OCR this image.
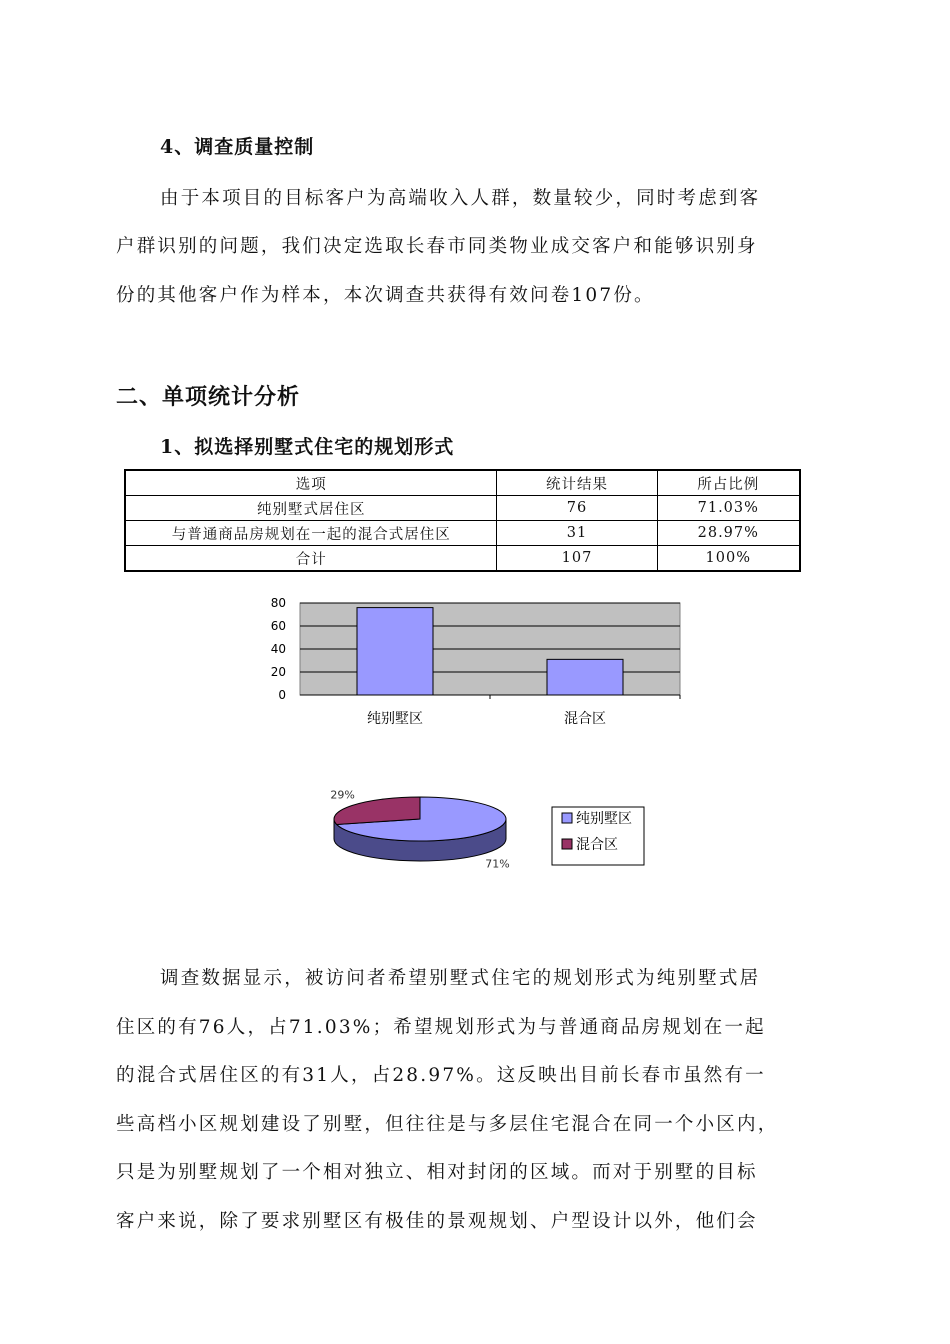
4、调查质量控制
由于本项目的目标客户为高端收入人群，数量较少，同时考虑到客
户群识别的问题，我们决定选取长春市同类物业成交客户和能够识别身
份的其他客户作为样本，本次调查共获得有效问卷107份。
二、单项统计分析
1、拟选择别墅式住宅的规划形式
选项	统计结果	所占比例
纯别墅式居住区	76	71.03%
与普通商品房规划在一起的混合式居住区	31	28.97%
合计	107	100%
80
60
40
20
0
纯别墅区	混合区
71%
29%
纯别墅区
混合区
调查数据显示，被访问者希望别墅式住宅的规划形式为纯别墅式居
住区的有76人，占71.03%；希望规划形式为与普通商品房规划在一起
的混合式居住区的有31人，占28.97%。这反映出目前长春市虽然有一
些高档小区规划建设了别墅，但往往是与多层住宅混合在同一个小区内，
只是为别墅规划了一个相对独立、相对封闭的区域。而对于别墅的目标
客户来说，除了要求别墅区有极佳的景观规划、户型设计以外，他们会
